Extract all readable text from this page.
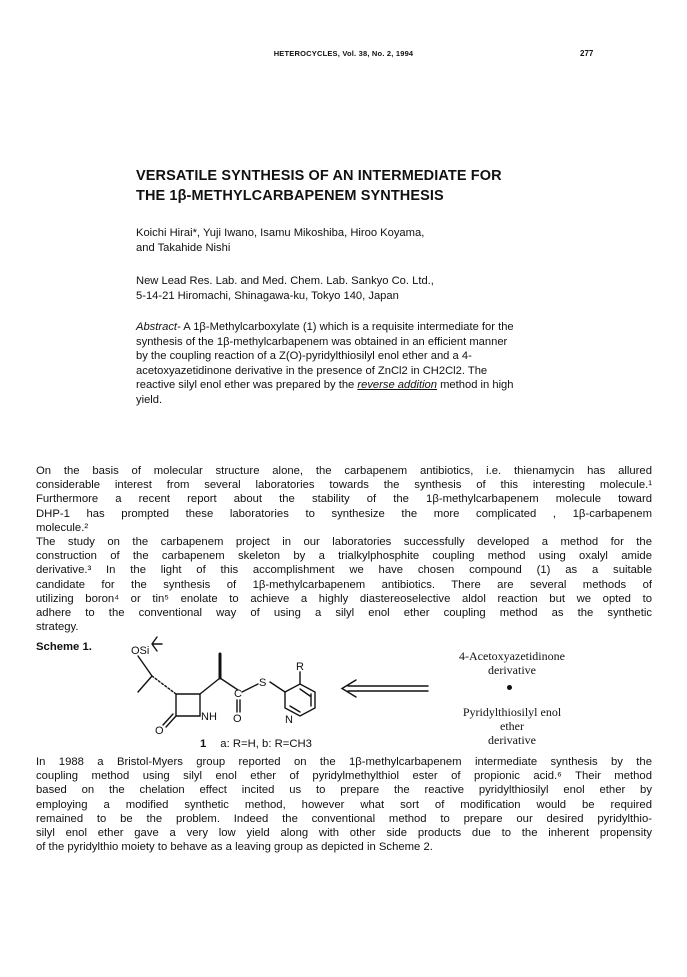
HETEROCYCLES, Vol. 38, No. 2, 1994	277
VERSATILE SYNTHESIS OF AN INTERMEDIATE FOR
THE 1β-METHYLCARBAPENEM SYNTHESIS
Koichi Hirai*, Yuji Iwano, Isamu Mikoshiba, Hiroo Koyama,
and Takahide Nishi
New Lead Res. Lab. and Med. Chem. Lab. Sankyo Co. Ltd.,
5-14-21 Hiromachi, Shinagawa-ku, Tokyo 140, Japan
Abstract- A 1β-Methylcarboxylate (1) which is a requisite intermediate for the
synthesis of the 1β-methylcarbapenem was obtained in an efficient manner
by the coupling reaction of a Z(O)-pyridylthiosilyl enol ether and a 4-
acetoxyazetidinone derivative in the presence of ZnCl2 in CH2Cl2. The
reactive silyl enol ether was prepared by the reverse addition method in high
yield.
On the basis of molecular structure alone, the carbapenem antibiotics, i.e. thienamycin has allured
considerable interest from several laboratories towards the synthesis of this interesting molecule.¹
Furthermore a recent report about the stability of the 1β-methylcarbapenem molecule toward
DHP-1 has prompted these laboratories to synthesize the more complicated , 1β-carbapenem
molecule.²
The study on the carbapenem project in our laboratories successfully developed a method for the
construction of the carbapenem skeleton by a trialkylphosphite coupling method using oxalyl amide
derivative.³ In the light of this accomplishment we have chosen compound (1) as a suitable
candidate for the synthesis of 1β-methylcarbapenem antibiotics. There are several methods of
utilizing boron⁴ or tin⁵ enolate to achieve a highly diastereoselective aldol reaction but we opted to
adhere to the conventional way of using a silyl enol ether coupling method as the synthetic
strategy.
Scheme 1.	OSi
R
C
S
O
NH
O
N
4-Acetoxyazetidinone
derivative
Pyridylthiosilyl enol ether
derivative
1 a: R=H, b: R=CH3
In 1988 a Bristol-Myers group reported on the 1β-methylcarbapenem intermediate synthesis by the
coupling method using silyl enol ether of pyridylmethylthiol ester of propionic acid.⁶ Their method
based on the chelation effect incited us to prepare the reactive pyridylthiosilyl enol ether by
employing a modified synthetic method, however what sort of modification would be required
remained to be the problem. Indeed the conventional method to prepare our desired pyridylthio-
silyl enol ether gave a very low yield along with other side products due to the inherent propensity
of the pyridylthio moiety to behave as a leaving group as depicted in Scheme 2.
